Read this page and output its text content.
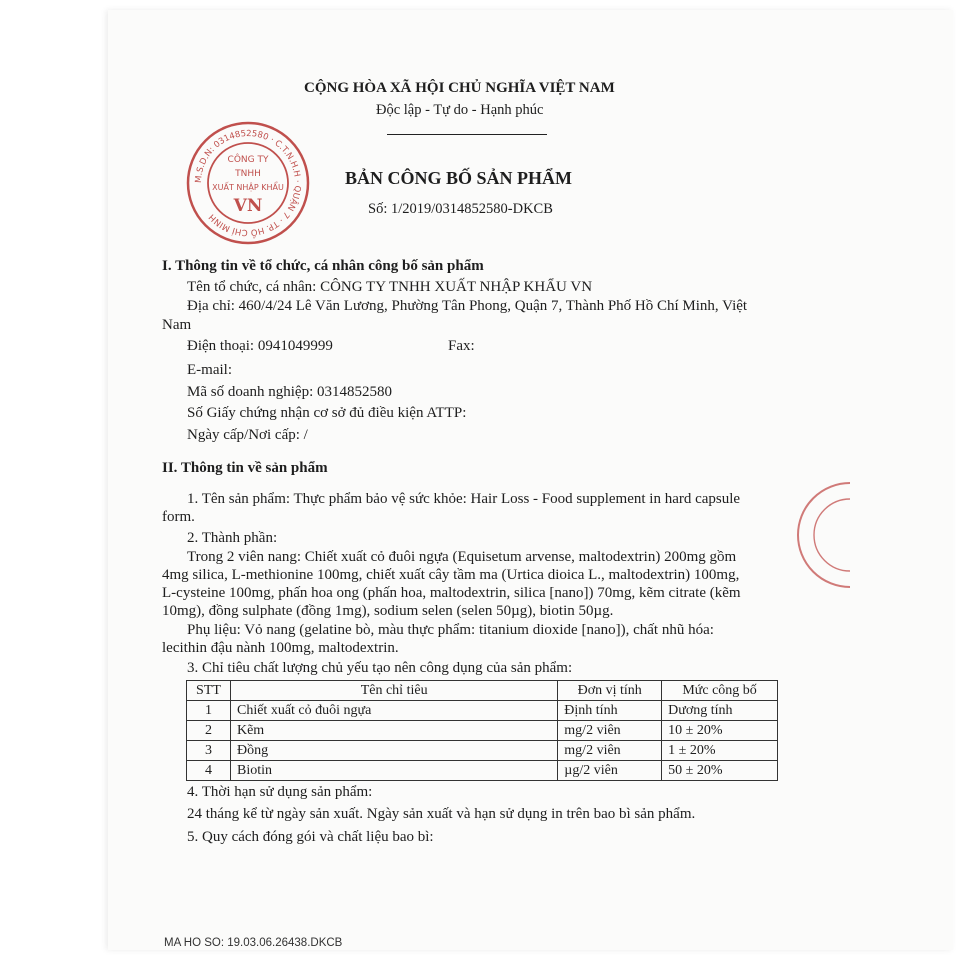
CỘNG HÒA XÃ HỘI CHỦ NGHĨA VIỆT NAM
Độc lập - Tự do - Hạnh phúc
BẢN CÔNG BỐ SẢN PHẨM
Số: 1/2019/0314852580-DKCB
M.S.D.N: 0314852580 · C.T.N.H.H · QUẬN 7 · TP. HỒ CHÍ MINH
CÔNG TY
TNHH
XUẤT NHẬP KHẨU
VN
I. Thông tin về tổ chức, cá nhân công bố sản phẩm
Tên tổ chức, cá nhân: CÔNG TY TNHH XUẤT NHẬP KHẨU VN
Địa chỉ: 460/4/24 Lê Văn Lương, Phường Tân Phong, Quận 7, Thành Phố Hồ Chí Minh, Việt
Nam
Điện thoại: 0941049999	Fax:
E-mail:
Mã số doanh nghiệp: 0314852580
Số Giấy chứng nhận cơ sở đủ điều kiện ATTP:
Ngày cấp/Nơi cấp: /
II. Thông tin về sản phẩm
1. Tên sản phẩm: Thực phẩm bảo vệ sức khỏe: Hair Loss - Food supplement in hard capsule
form.
2. Thành phần:
Trong 2 viên nang: Chiết xuất cỏ đuôi ngựa (Equisetum arvense, maltodextrin) 200mg gồm
4mg silica, L-methionine 100mg, chiết xuất cây tầm ma (Urtica dioica L., maltodextrin) 100mg,
L-cysteine 100mg, phấn hoa ong (phấn hoa, maltodextrin, silica [nano]) 70mg, kẽm citrate (kẽm
10mg), đồng sulphate (đồng 1mg), sodium selen (selen 50µg), biotin 50µg.
Phụ liệu: Vỏ nang (gelatine bò, màu thực phẩm: titanium dioxide [nano]), chất nhũ hóa:
lecithin đậu nành 100mg, maltodextrin.
3. Chỉ tiêu chất lượng chủ yếu tạo nên công dụng của sản phẩm:
STT	Tên chỉ tiêu	Đơn vị tính	Mức công bố
1	Chiết xuất cỏ đuôi ngựa	Định tính	Dương tính
2	Kẽm	mg/2 viên	10 ± 20%
3	Đồng	mg/2 viên	1 ± 20%
4	Biotin	µg/2 viên	50 ± 20%
4. Thời hạn sử dụng sản phẩm:
24 tháng kể từ ngày sản xuất. Ngày sản xuất và hạn sử dụng in trên bao bì sản phẩm.
5. Quy cách đóng gói và chất liệu bao bì:
MA HO SO: 19.03.06.26438.DKCB
